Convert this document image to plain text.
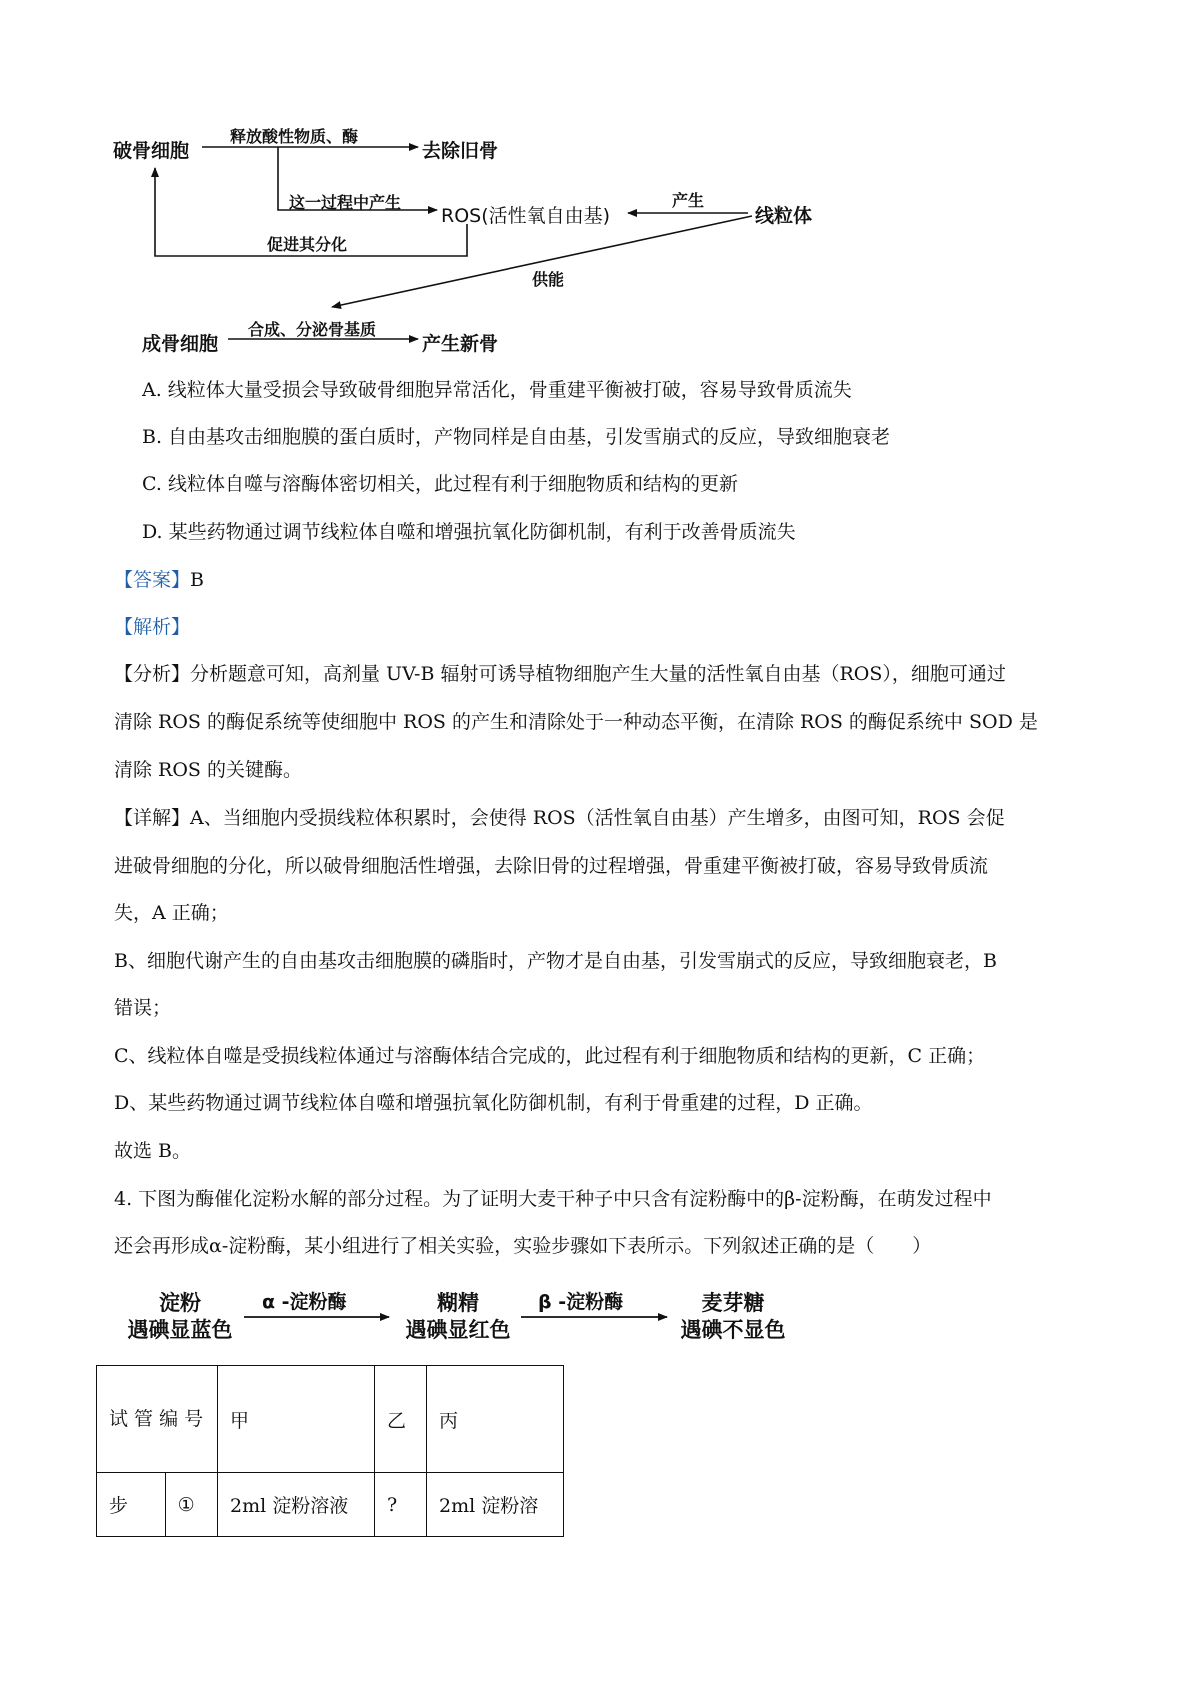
破骨细胞
释放酸性物质、酶
去除旧骨
这一过程中产生
ROS(活性氧自由基)
产生
线粒体
促进其分化
供能
成骨细胞
合成、分泌骨基质
产生新骨
A. 线粒体大量受损会导致破骨细胞异常活化，骨重建平衡被打破，容易导致骨质流失
B. 自由基攻击细胞膜的蛋白质时，产物同样是自由基，引发雪崩式的反应，导致细胞衰老
C. 线粒体自噬与溶酶体密切相关，此过程有利于细胞物质和结构的更新
D. 某些药物通过调节线粒体自噬和增强抗氧化防御机制，有利于改善骨质流失
【答案】B
【解析】
【分析】分析题意可知，高剂量 UV-B 辐射可诱导植物细胞产生大量的活性氧自由基（ROS），细胞可通过
清除 ROS 的酶促系统等使细胞中 ROS 的产生和清除处于一种动态平衡，在清除 ROS 的酶促系统中 SOD 是
清除 ROS 的关键酶。
【详解】A、当细胞内受损线粒体积累时，会使得 ROS（活性氧自由基）产生增多，由图可知，ROS 会促
进破骨细胞的分化，所以破骨细胞活性增强，去除旧骨的过程增强，骨重建平衡被打破，容易导致骨质流
失，A 正确；
B、细胞代谢产生的自由基攻击细胞膜的磷脂时，产物才是自由基，引发雪崩式的反应，导致细胞衰老，B
错误；
C、线粒体自噬是受损线粒体通过与溶酶体结合完成的，此过程有利于细胞物质和结构的更新，C 正确；
D、某些药物通过调节线粒体自噬和增强抗氧化防御机制，有利于骨重建的过程，D 正确。
故选 B。
4. 下图为酶催化淀粉水解的部分过程。为了证明大麦干种子中只含有淀粉酶中的β-淀粉酶，在萌发过程中
还会再形成α-淀粉酶，某小组进行了相关实验，实验步骤如下表所示。下列叙述正确的是（　　）
淀粉
遇碘显蓝色
α -淀粉酶	糊精
遇碘显红色
β -淀粉酶	麦芽糖
遇碘不显色
试 管 编 号		甲	乙	丙
步	①	2ml 淀粉溶液	?	2ml 淀粉溶
